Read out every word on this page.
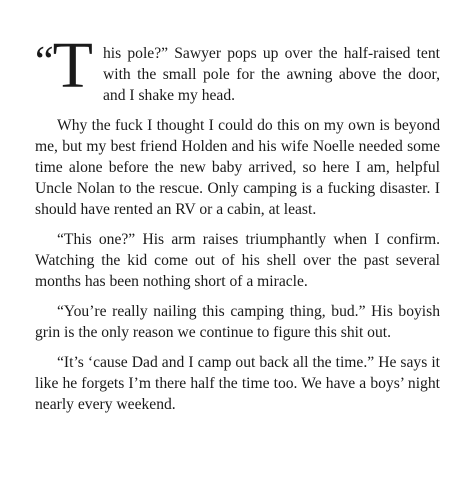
“T his pole?” Sawyer pops up over the half-raised tent with the small pole for the awning above the door, and I shake my head.

Why the fuck I thought I could do this on my own is beyond me, but my best friend Holden and his wife Noelle needed some time alone before the new baby arrived, so here I am, helpful Uncle Nolan to the rescue. Only camping is a fucking disaster. I should have rented an RV or a cabin, at least.

“This one?” His arm raises triumphantly when I confirm. Watching the kid come out of his shell over the past several months has been nothing short of a miracle.

“You’re really nailing this camping thing, bud.” His boyish grin is the only reason we continue to figure this shit out.

“It’s ‘cause Dad and I camp out back all the time.” He says it like he forgets I’m there half the time too. We have a boys’ night nearly every weekend.
